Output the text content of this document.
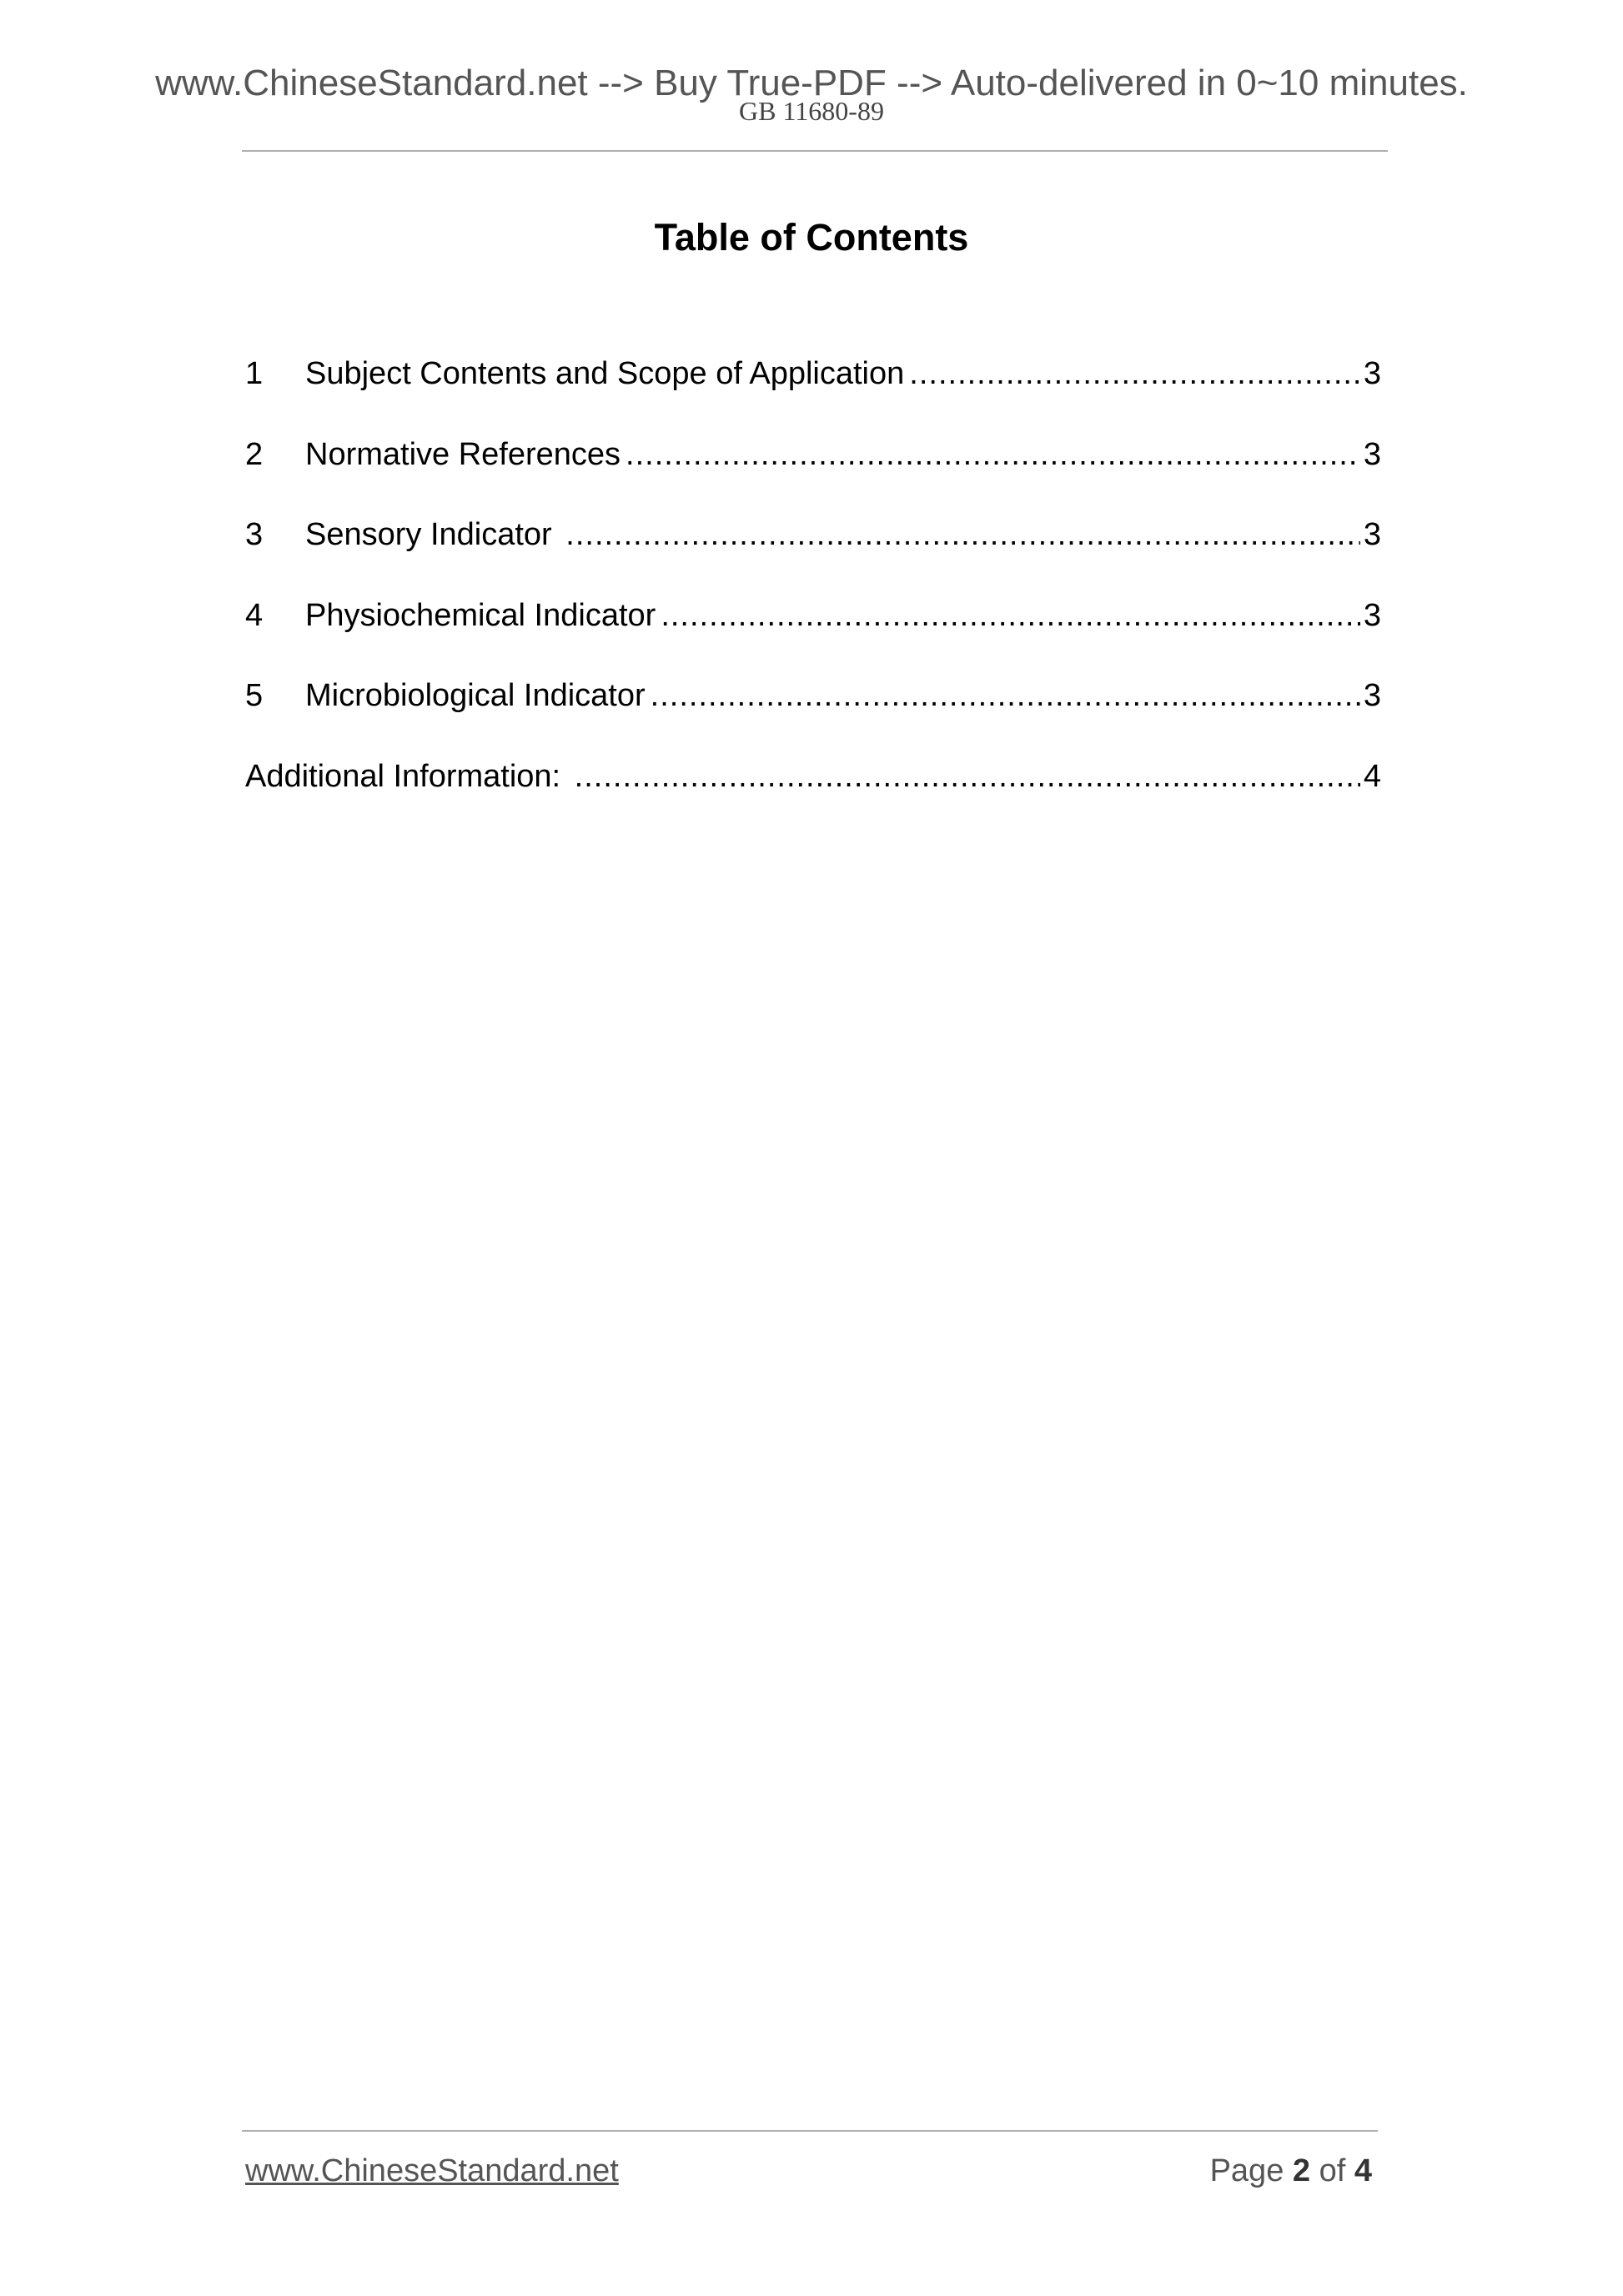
www.ChineseStandard.net --> Buy True-PDF --> Auto-delivered in 0~10 minutes.
GB 11680-89
Table of Contents
1	Subject Contents and Scope of Application .....	3
2	Normative References .....	3
3	Sensory Indicator .....	3
4	Physiochemical Indicator .....	3
5	Microbiological Indicator .....	3
Additional Information: .....	4
www.ChineseStandard.net	Page 2 of 4
